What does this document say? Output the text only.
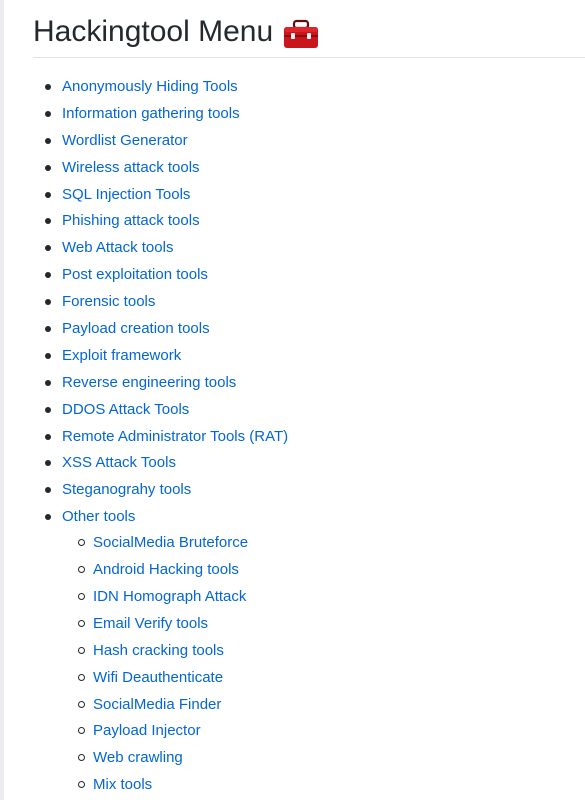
Hackingtool Menu
Anonymously Hiding Tools
Information gathering tools
Wordlist Generator
Wireless attack tools
SQL Injection Tools
Phishing attack tools
Web Attack tools
Post exploitation tools
Forensic tools
Payload creation tools
Exploit framework
Reverse engineering tools
DDOS Attack Tools
Remote Administrator Tools (RAT)
XSS Attack Tools
Steganograhy tools
Other tools
SocialMedia Bruteforce
Android Hacking tools
IDN Homograph Attack
Email Verify tools
Hash cracking tools
Wifi Deauthenticate
SocialMedia Finder
Payload Injector
Web crawling
Mix tools
